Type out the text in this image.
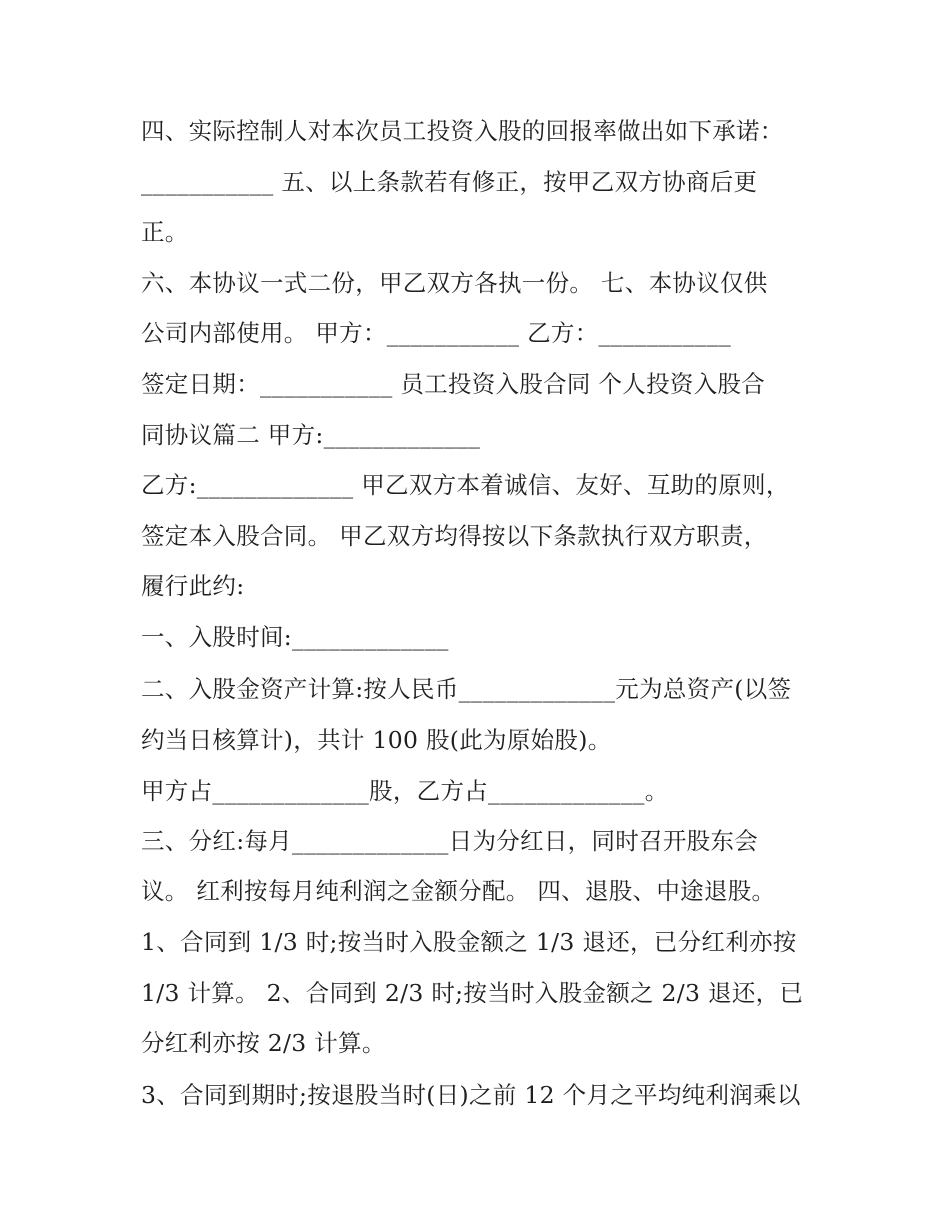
四、实际控制人对本次员工投资入股的回报率做出如下承诺：
___________ 五、以上条款若有修正，按甲乙双方协商后更
正。
六、本协议一式二份，甲乙双方各执一份。 七、本协议仅供
公司内部使用。 甲方：___________ 乙方：___________
签定日期：___________ 员工投资入股合同 个人投资入股合
同协议篇二 甲方:_____________
乙方:_____________ 甲乙双方本着诚信、友好、互助的原则，
签定本入股合同。 甲乙双方均得按以下条款执行双方职责，
履行此约:
一、入股时间:_____________
二、入股金资产计算:按人民币_____________元为总资产(以签
约当日核算计)，共计 100 股(此为原始股)。
甲方占_____________股，乙方占_____________。
三、分红:每月_____________日为分红日，同时召开股东会
议。 红利按每月纯利润之金额分配。 四、退股、中途退股。
1、合同到 1/3 时;按当时入股金额之 1/3 退还，已分红利亦按
1/3 计算。 2、合同到 2/3 时;按当时入股金额之 2/3 退还，已
分红利亦按 2/3 计算。
3、合同到期时;按退股当时(日)之前 12 个月之平均纯利润乘以
